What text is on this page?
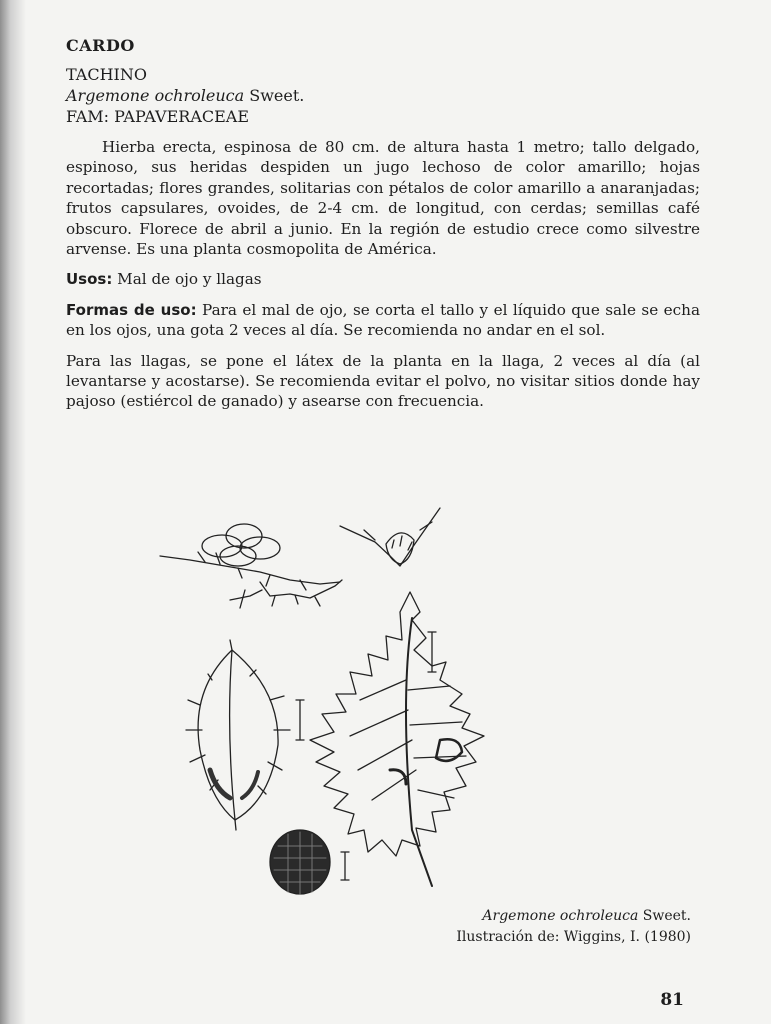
CARDO
TACHINO
Argemone ochroleuca Sweet.
FAM: PAPAVERACEAE

Hierba erecta, espinosa de 80 cm. de altura hasta 1 metro; tallo delgado, espinoso, sus heridas despiden un jugo lechoso de color amarillo; hojas recortadas; flores grandes, solitarias con pétalos de color amarillo a anaranjadas; frutos capsulares, ovoides, de 2-4 cm. de longitud, con cerdas; semillas café obscuro. Florece de abril a junio. En la región de estudio crece como silvestre arvense. Es una planta cosmopolita de América.

Usos: Mal de ojo y llagas

Formas de uso: Para el mal de ojo, se corta el tallo y el líquido que sale se echa en los ojos, una gota 2 veces al día. Se recomienda no andar en el sol.

Para las llagas, se pone el látex de la planta en la llaga, 2 veces al día (al levantarse y acostarse). Se recomienda evitar el polvo, no visitar sitios donde hay pajoso (estiércol de ganado) y asearse con frecuencia.

Argemone ochroleuca Sweet.
Ilustración de: Wiggins, I. (1980)
81
